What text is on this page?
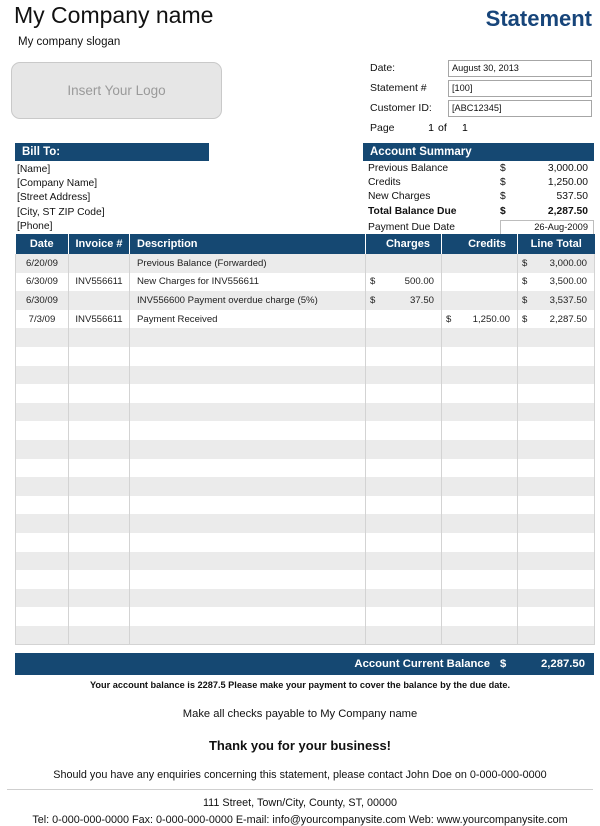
My Company name
My company slogan
Statement
Insert Your Logo
Date:	August 30, 2013
Statement #	[100]
Customer ID:	[ABC12345]
Page	1 of	1
Bill To:
[Name]
[Company Name]
[Street Address]
[City, ST ZIP Code]
[Phone]
Account Summary
Previous Balance	$	3,000.00
Credits	$	1,250.00
New Charges	$	537.50
Total Balance Due	$	2,287.50
Payment Due Date	26-Aug-2009
Date	Invoice #	Description	Charges	Credits	Line Total
6/20/09		Previous Balance (Forwarded)			$ 3,000.00

6/30/09	INV556611	New Charges for INV556611	$ 500.00		$ 3,500.00

6/30/09		INV556600 Payment overdue charge (5%)	$ 37.50		$ 3,537.50

7/3/09	INV556611	Payment Received		$ 1,250.00	$ 2,287.50

Account Current Balance $	2,287.50
Your account balance is 2287.5 Please make your payment to cover the balance by the due date.
Make all checks payable to My Company name
Thank you for your business!
Should you have any enquiries concerning this statement, please contact John Doe on 0-000-000-0000
111 Street, Town/City, County, ST, 00000
Tel: 0-000-000-0000 Fax: 0-000-000-0000 E-mail: info@yourcompanysite.com Web: www.yourcompanysite.com
